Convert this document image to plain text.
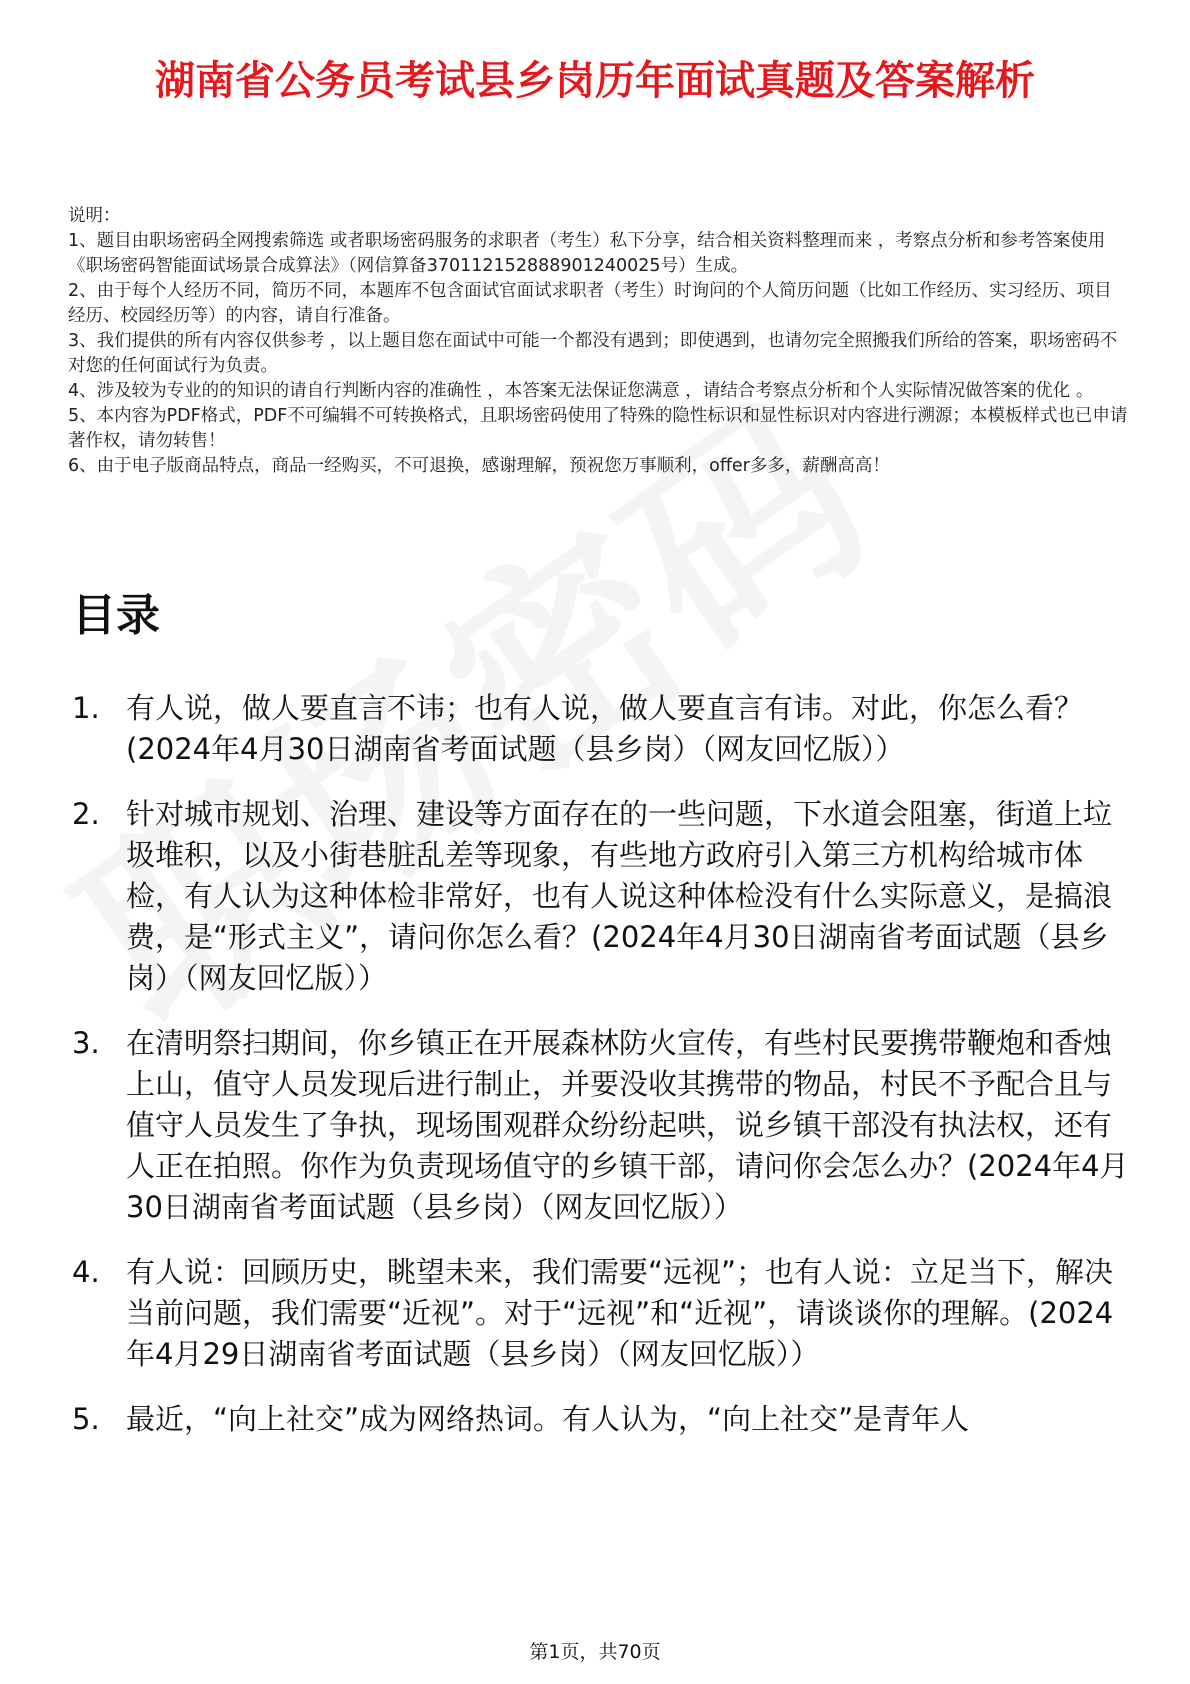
湖南省公务员考试县乡岗历年面试真题及答案解析

说明：

1、题目由职场密码全网搜索筛选 或者职场密码服务的求职者（考生）私下分享，结合相关资料整理而来 ，考察点分析和参考答案使用《职场密码智能面试场景合成算法》（网信算备370112152888901240025号）生成。

2、由于每个人经历不同，简历不同，本题库不包含面试官面试求职者（考生）时询问的个人简历问题（比如工作经历、实习经历、项目经历、校园经历等）的内容，请自行准备。

3、我们提供的所有内容仅供参考 ，以上题目您在面试中可能一个都没有遇到；即使遇到，也请勿完全照搬我们所给的答案，职场密码不对您的任何面试行为负责。

4、涉及较为专业的的知识的请自行判断内容的准确性 ，本答案无法保证您满意 ，请结合考察点分析和个人实际情况做答案的优化 。

5、本内容为PDF格式，PDF不可编辑不可转换格式，且职场密码使用了特殊的隐性标识和显性标识对内容进行溯源；本模板样式也已申请著作权，请勿转售！

6、由于电子版商品特点，商品一经购买，不可退换，感谢理解，预祝您万事顺利，offer多多，薪酬高高！

目录
1. 有人说，做人要直言不讳；也有人说，做人要直言有讳。对此，你怎么看？(2024年4月30日湖南省考面试题（县乡岗）（网友回忆版））
2. 针对城市规划、治理、建设等方面存在的一些问题，下水道会阻塞，街道上垃圾堆积，以及小街巷脏乱差等现象，有些地方政府引入第三方机构给城市体检，有人认为这种体检非常好，也有人说这种体检没有什么实际意义，是搞浪费，是“形式主义”，请问你怎么看？(2024年4月30日湖南省考面试题（县乡岗）（网友回忆版））
3. 在清明祭扫期间，你乡镇正在开展森林防火宣传，有些村民要携带鞭炮和香烛上山，值守人员发现后进行制止，并要没收其携带的物品，村民不予配合且与值守人员发生了争执，现场围观群众纷纷起哄，说乡镇干部没有执法权，还有人正在拍照。你作为负责现场值守的乡镇干部，请问你会怎么办？(2024年4月30日湖南省考面试题（县乡岗）（网友回忆版））
4. 有人说：回顾历史，眺望未来，我们需要“远视”；也有人说：立足当下，解决当前问题，我们需要“近视”。对于“远视”和“近视”，请谈谈你的理解。(2024年4月29日湖南省考面试题（县乡岗）（网友回忆版））
5. 最近，“向上社交”成为网络热词。有人认为，“向上社交”是青年人
第1页，共70页
